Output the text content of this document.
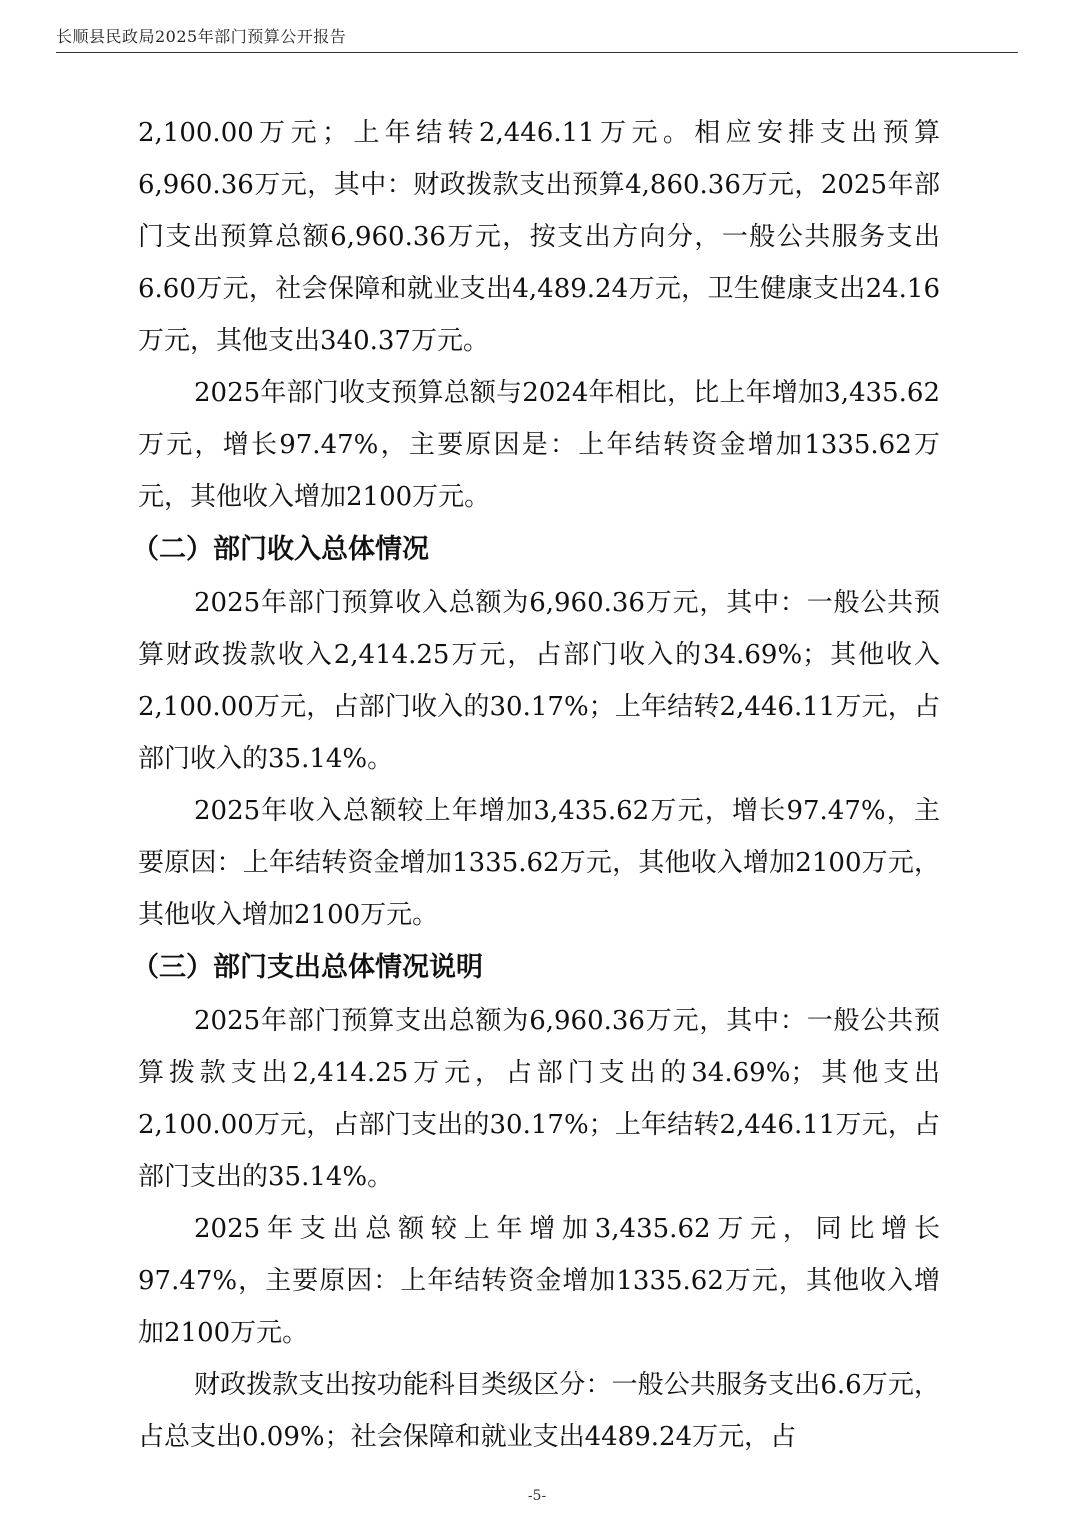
长顺县民政局2025年部门预算公开报告

2,100.00万元；上年结转2,446.11万元。相应安排支出预算6,960.36万元，其中：财政拨款支出预算4,860.36万元，2025年部门支出预算总额6,960.36万元，按支出方向分，一般公共服务支出6.60万元，社会保障和就业支出4,489.24万元，卫生健康支出24.16万元，其他支出340.37万元。

2025年部门收支预算总额与2024年相比，比上年增加3,435.62万元，增长97.47%，主要原因是：上年结转资金增加1335.62万元，其他收入增加2100万元。

（二）部门收入总体情况

2025年部门预算收入总额为6,960.36万元，其中：一般公共预算财政拨款收入2,414.25万元，占部门收入的34.69%；其他收入2,100.00万元，占部门收入的30.17%；上年结转2,446.11万元，占部门收入的35.14%。

2025年收入总额较上年增加3,435.62万元，增长97.47%，主要原因：上年结转资金增加1335.62万元，其他收入增加2100万元，其他收入增加2100万元。

（三）部门支出总体情况说明

2025年部门预算支出总额为6,960.36万元，其中：一般公共预算拨款支出2,414.25万元，占部门支出的34.69%；其他支出2,100.00万元，占部门支出的30.17%；上年结转2,446.11万元，占部门支出的35.14%。

2025年支出总额较上年增加3,435.62万元，同比增长97.47%，主要原因：上年结转资金增加1335.62万元，其他收入增加2100万元。

财政拨款支出按功能科目类级区分：一般公共服务支出6.6万元，占总支出0.09%；社会保障和就业支出4489.24万元，占

-5-
